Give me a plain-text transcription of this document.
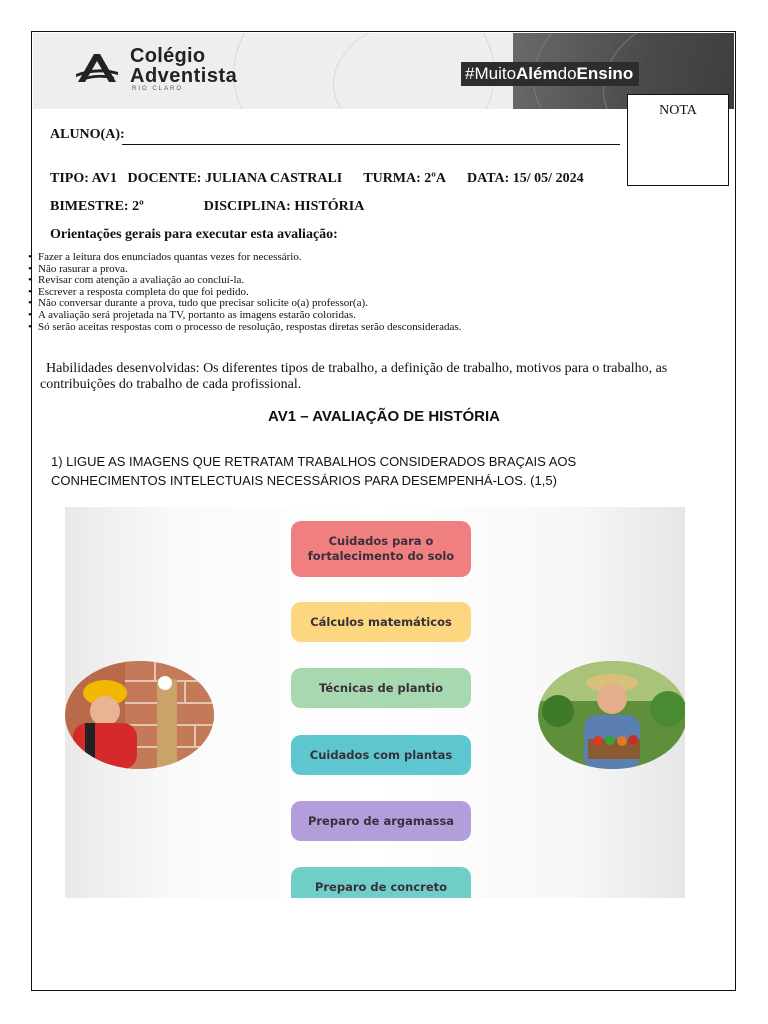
Colégio
Adventista
RIO CLARO
#MuitoAlémdoEnsino
NOTA
ALUNO(A):
TIPO: AV1 DOCENTE: JULIANA CASTRALI TURMA: 2ºA DATA: 15/ 05/ 2024
BIMESTRE: 2º	DISCIPLINA: HISTÓRIA
Orientações gerais para executar esta avaliação:
• Fazer a leitura dos enunciados quantas vezes for necessário.
• Não rasurar a prova.
• Revisar com atenção a avaliação ao concluí-la.
• Escrever a resposta completa do que foi pedido.
• Não conversar durante a prova, tudo que precisar solicite o(a) professor(a).
• A avaliação será projetada na TV, portanto as imagens estarão coloridas.
• Só serão aceitas respostas com o processo de resolução, respostas diretas serão desconsideradas.
Habilidades desenvolvidas: Os diferentes tipos de trabalho, a definição de trabalho, motivos para o trabalho, as
contribuições do trabalho de cada profissional.
AV1 – AVALIAÇÃO DE HISTÓRIA
1) LIGUE AS IMAGENS QUE RETRATAM TRABALHOS CONSIDERADOS BRAÇAIS AOS CONHECIMENTOS INTELECTUAIS NECESSÁRIOS PARA DESEMPENHÁ-LOS. (1,5)
Cuidados para o fortalecimento do solo
Cálculos matemáticos
Técnicas de plantio
Cuidados com plantas
Preparo de argamassa
Preparo de concreto
